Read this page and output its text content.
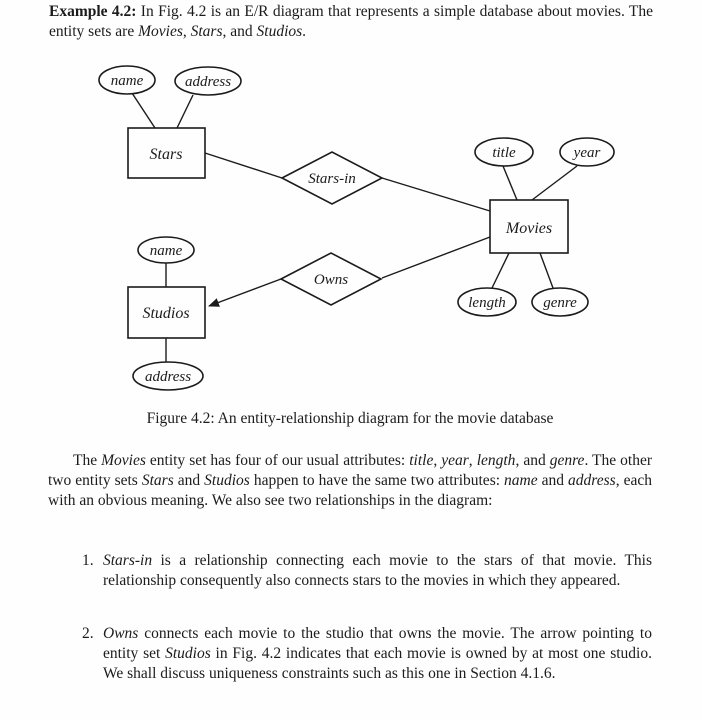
name	address
Stars
Stars-in
title	year
Movies
length genre
name
Owns
Studios
address
Example 4.2: In Fig. 4.2 is an E/R diagram that represents a simple database about movies. The entity sets are Movies, Stars, and Studios.
Figure 4.2: An entity-relationship diagram for the movie database
The Movies entity set has four of our usual attributes: title, year, length, and genre. The other two entity sets Stars and Studios happen to have the same two attributes: name and address, each with an obvious meaning. We also see two relationships in the diagram:
1. Stars-in is a relationship connecting each movie to the stars of that movie. This relationship consequently also connects stars to the movies in which they appeared.
2. Owns connects each movie to the studio that owns the movie. The arrow pointing to entity set Studios in Fig. 4.2 indicates that each movie is owned by at most one studio. We shall discuss uniqueness constraints such as this one in Section 4.1.6.
